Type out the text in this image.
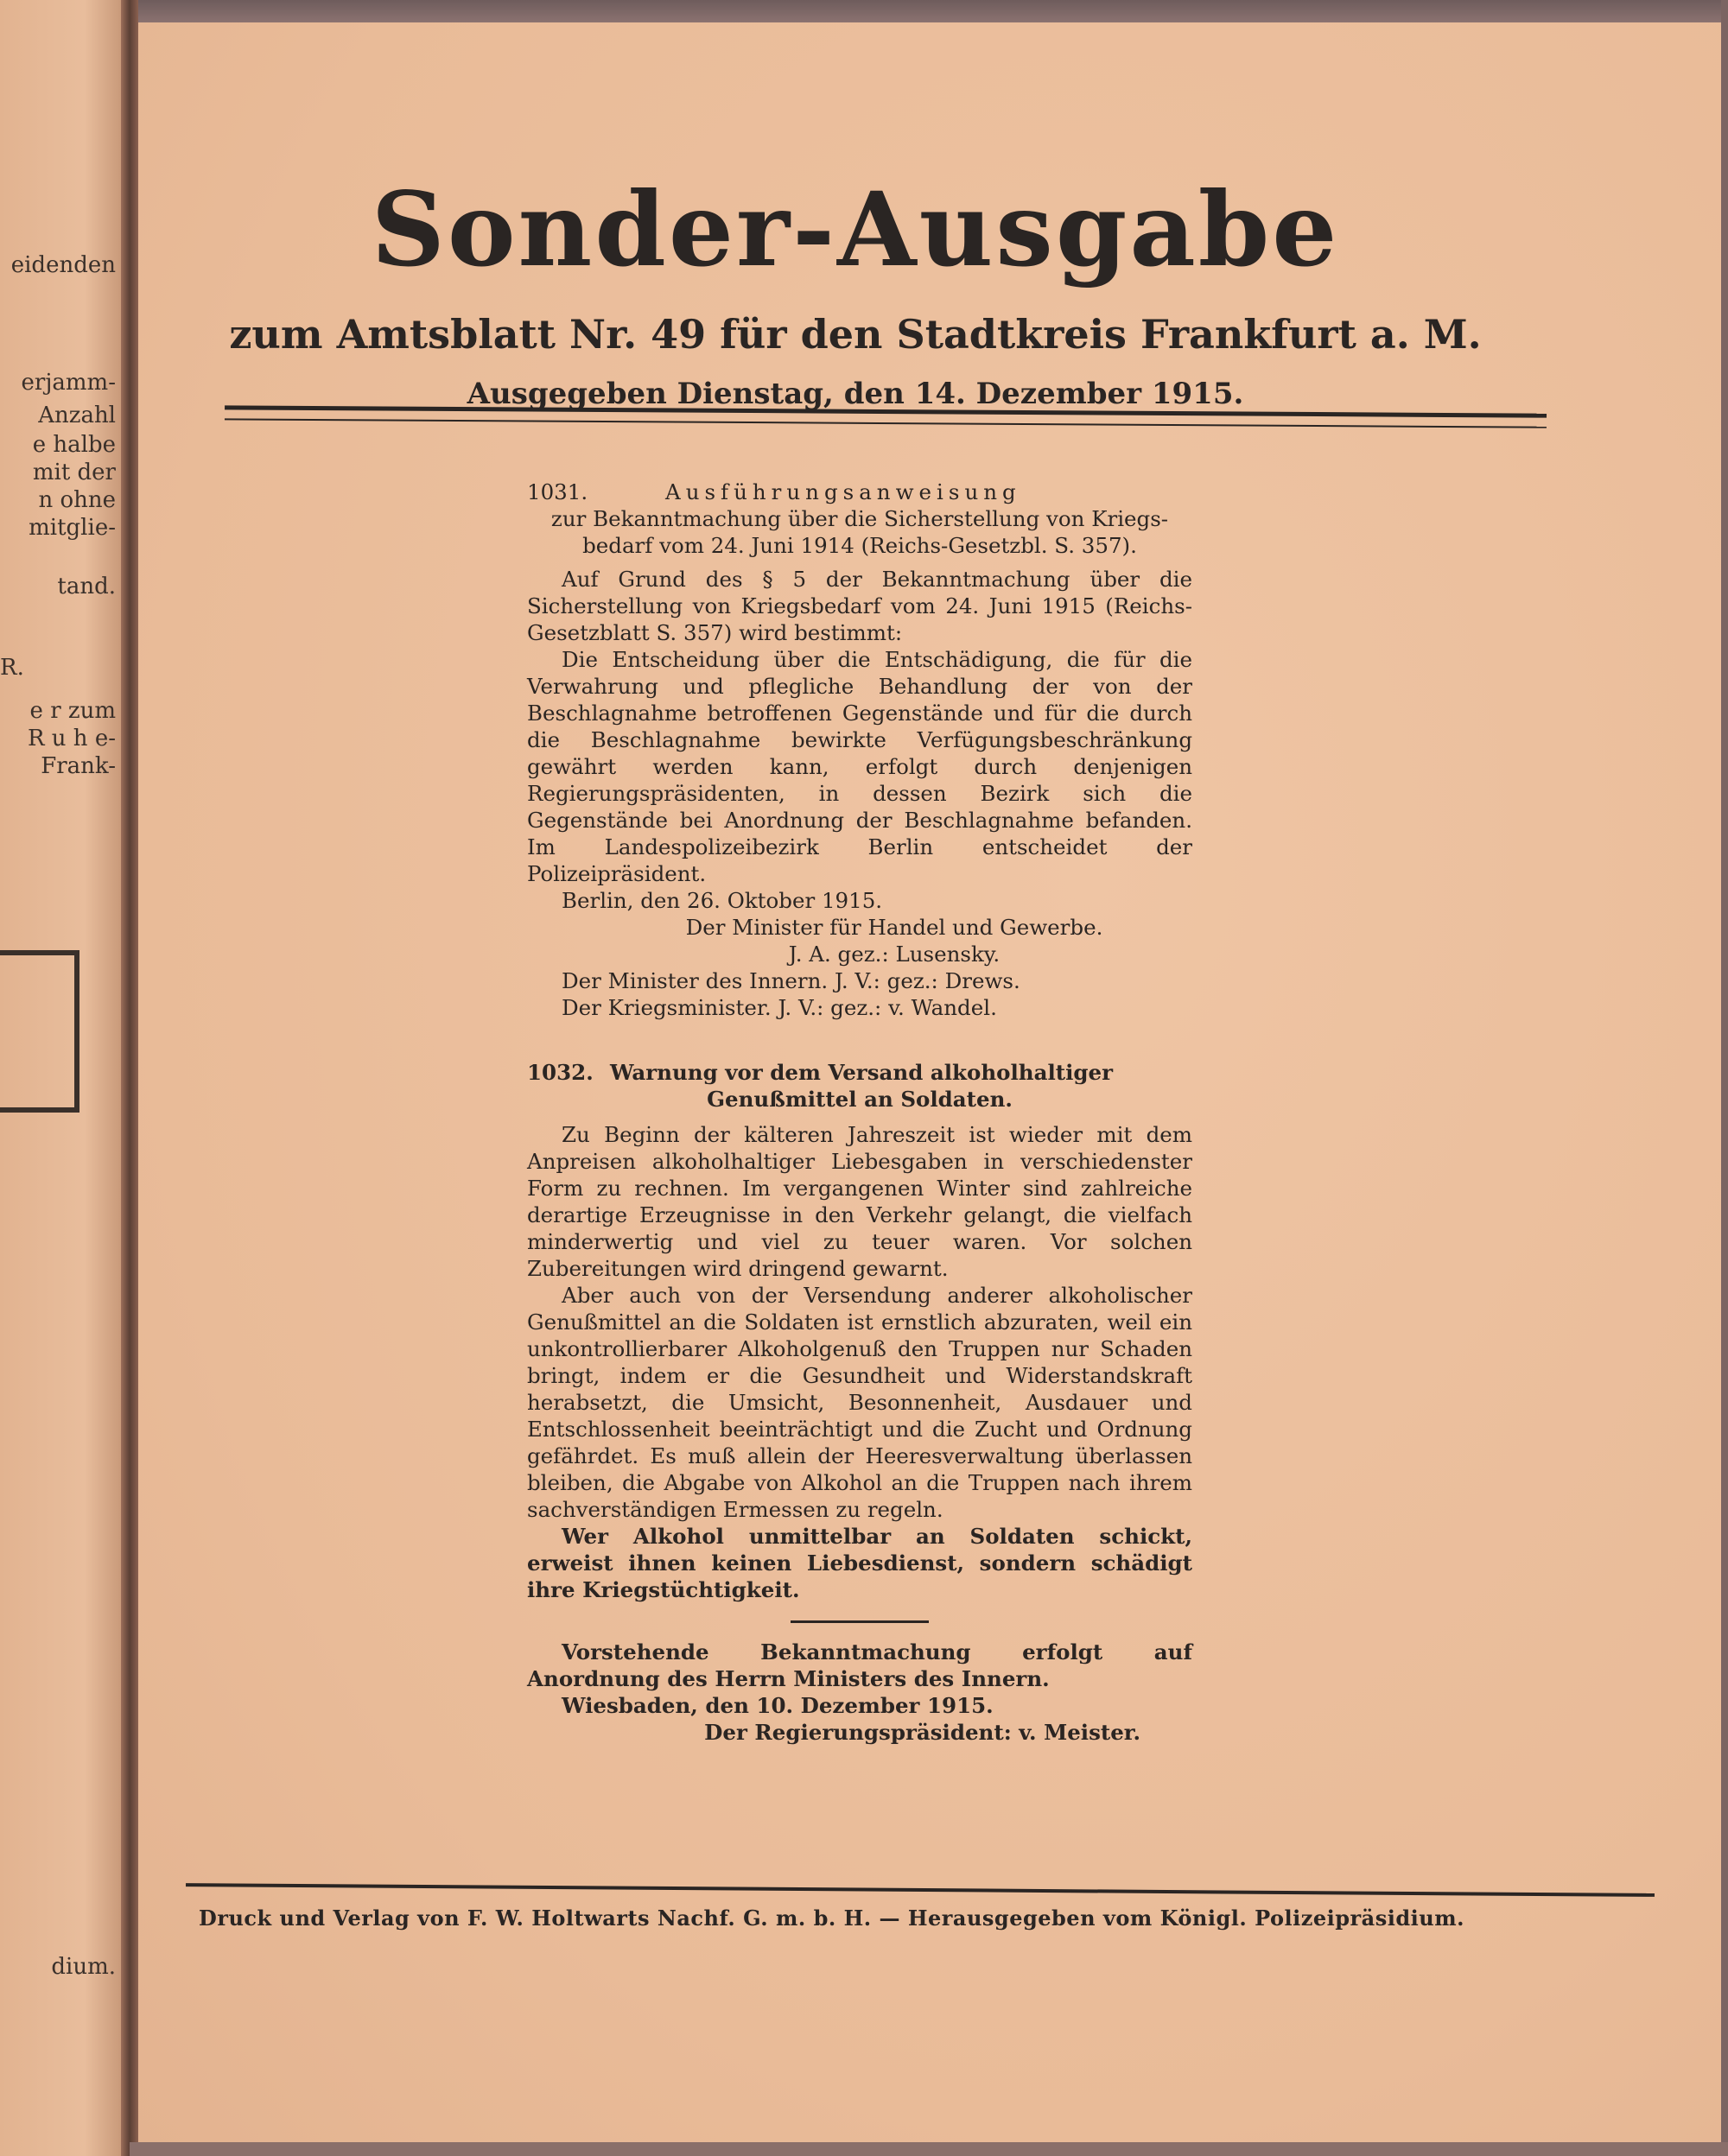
eidenden
erjamm-
Anzahl
e halbe
mit der
n ohne
mitglie-
tand.
R.
e r zum
R u h e-
Frank-
dium.
Sonder-Ausgabe
zum Amtsblatt Nr. 49 für den Stadtkreis Frankfurt a. M.
Ausgegeben Dienstag, den 14. Dezember 1915.
1031.	Ausführungsanweisung
zur Bekanntmachung über die Sicherstellung von Kriegs-
bedarf vom 24. Juni 1914 (Reichs-Gesetzbl. S. 357).
Auf Grund des § 5 der Bekanntmachung über die Sicherstellung von Kriegsbedarf vom 24. Juni 1915 (Reichs-Gesetzblatt S. 357) wird bestimmt:
Die Entscheidung über die Entschädigung, die für die Verwahrung und pflegliche Behandlung der von der Beschlagnahme betroffenen Gegenstände und für die durch die Beschlagnahme bewirkte Verfügungsbeschränkung gewährt werden kann, erfolgt durch denjenigen Regierungspräsidenten, in dessen Bezirk sich die Gegenstände bei Anordnung der Beschlagnahme befanden. Im Landespolizeibezirk Berlin entscheidet der Polizeipräsident.
Berlin, den 26. Oktober 1915.
Der Minister für Handel und Gewerbe.
J. A. gez.: Lusensky.
Der Minister des Innern. J. V.: gez.: Drews.
Der Kriegsminister. J. V.: gez.: v. Wandel.
1032. Warnung vor dem Versand alkoholhaltiger
Genußmittel an Soldaten.
Zu Beginn der kälteren Jahreszeit ist wieder mit dem Anpreisen alkoholhaltiger Liebesgaben in verschiedenster Form zu rechnen. Im vergangenen Winter sind zahlreiche derartige Erzeugnisse in den Verkehr gelangt, die vielfach minderwertig und viel zu teuer waren. Vor solchen Zubereitungen wird dringend gewarnt.
Aber auch von der Versendung anderer alkoholischer Genußmittel an die Soldaten ist ernstlich abzuraten, weil ein unkontrollierbarer Alkoholgenuß den Truppen nur Schaden bringt, indem er die Gesundheit und Widerstandskraft herabsetzt, die Umsicht, Besonnenheit, Ausdauer und Entschlossenheit beeinträchtigt und die Zucht und Ordnung gefährdet. Es muß allein der Heeresverwaltung überlassen bleiben, die Abgabe von Alkohol an die Truppen nach ihrem sachverständigen Ermessen zu regeln.
Wer Alkohol unmittelbar an Soldaten schickt, erweist ihnen keinen Liebesdienst, sondern schädigt ihre Kriegstüchtigkeit.
Vorstehende Bekanntmachung erfolgt auf Anordnung des Herrn Ministers des Innern.
Wiesbaden, den 10. Dezember 1915.
Der Regierungspräsident: v. Meister.
Druck und Verlag von F. W. Holtwarts Nachf. G. m. b. H. — Herausgegeben vom Königl. Polizeipräsidium.
